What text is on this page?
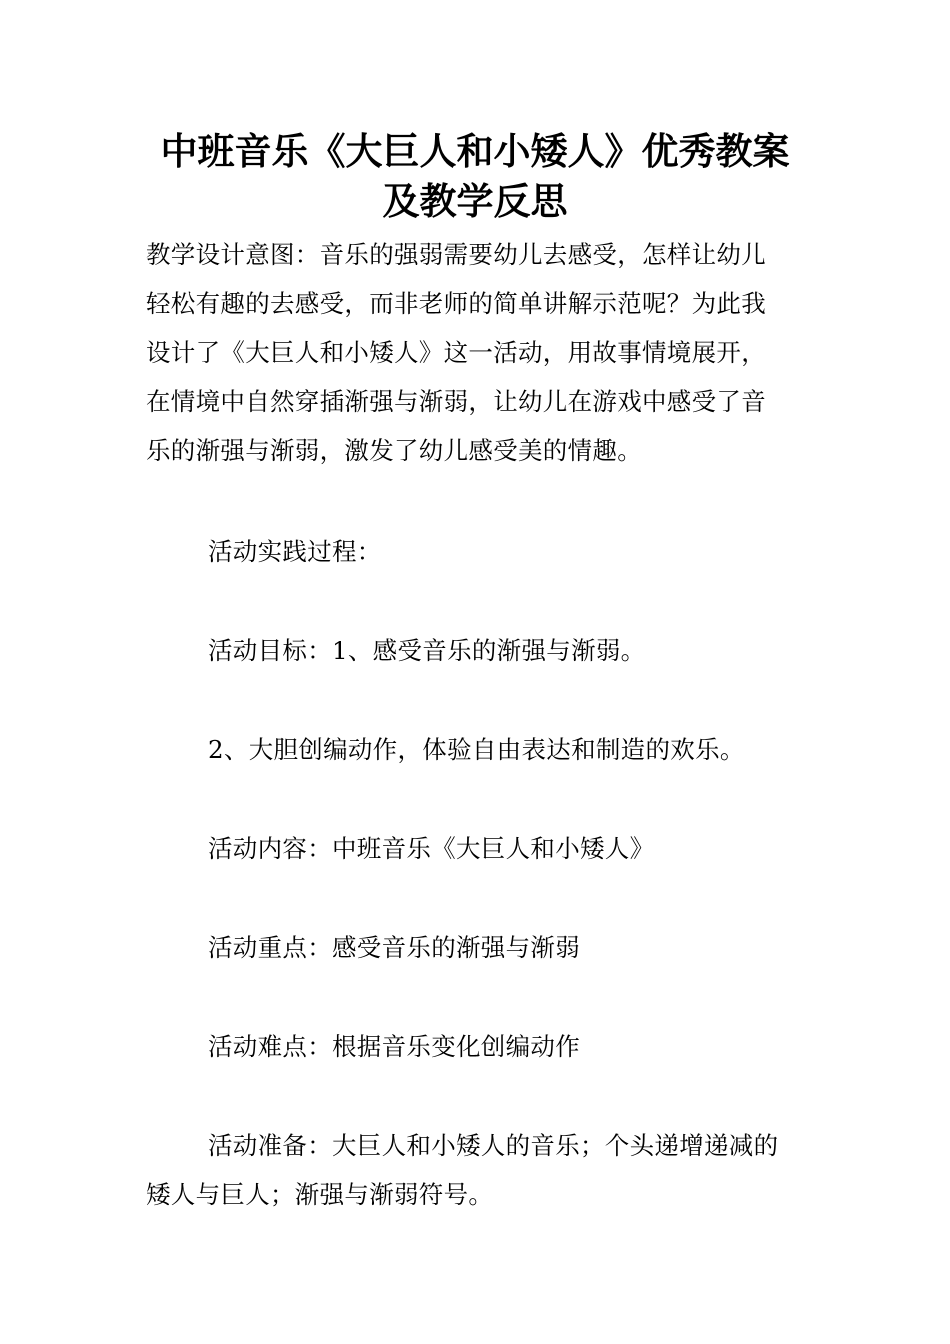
中班音乐《大巨人和小矮人》优秀教案
及教学反思
教学设计意图：音乐的强弱需要幼儿去感受，怎样让幼儿
轻松有趣的去感受，而非老师的简单讲解示范呢？为此我
设计了《大巨人和小矮人》这一活动，用故事情境展开，
在情境中自然穿插渐强与渐弱，让幼儿在游戏中感受了音
乐的渐强与渐弱，激发了幼儿感受美的情趣。
活动实践过程：
活动目标：1、感受音乐的渐强与渐弱。
2、大胆创编动作，体验自由表达和制造的欢乐。
活动内容：中班音乐《大巨人和小矮人》
活动重点：感受音乐的渐强与渐弱
活动难点：根据音乐变化创编动作
活动准备：大巨人和小矮人的音乐；个头递增递减的
矮人与巨人；渐强与渐弱符号。
